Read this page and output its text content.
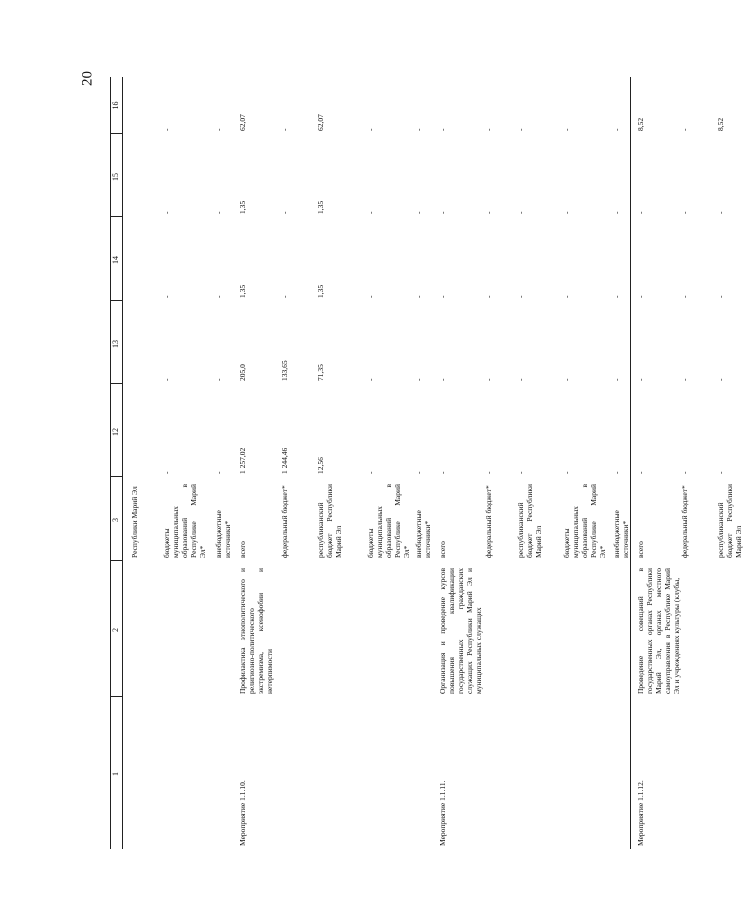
20
1
2
3
12
13
14
15
16
Республики Марий Эл	бюджеты муниципальных образований в Республике Марий Эл*
-
-
-
-
-
внебюджетные источники*
-
-
-
-
-
Мероприятие 1.1.10.
Профилактика этнополитического и религиозно-политического экстремизма, ксенофобии и нетерпимости
всего
1 257,02
205,0
1,35
1,35
62,07
федеральный бюджет*
1 244,46
133,65
-
-
-
республиканский бюджет Республики Марий Эл
12,56
71,35
1,35
1,35
62,07
бюджеты муниципальных образований в Республике Марий Эл*
-
-
-
-
-
внебюджетные источники*
-
-
-
-
-
Мероприятие 1.1.11.
Организация и проведение курсов повышения квалификации государственных гражданских служащих Республики Марий Эл и муниципальных служащих
всего
-
-
-
-
-
федеральный бюджет*
-
-
-
-
-
республиканский бюджет Республики Марий Эл
-
-
-
-
-
бюджеты муниципальных образований в Республике Марий Эл*
-
-
-
-
-
внебюджетные источники*
-
-
-
-
-
Мероприятие 1.1.12.
Проведение совещаний в государственных органах Республики Марий Эл, органах местного самоуправления в Республике Марий Эл и учреждениях культуры (клубы,
всего
-
-
-
-
8,52
федеральный бюджет*
-
-
-
-
-
республиканский бюджет Республики Марий Эл
-
-
-
-
8,52
